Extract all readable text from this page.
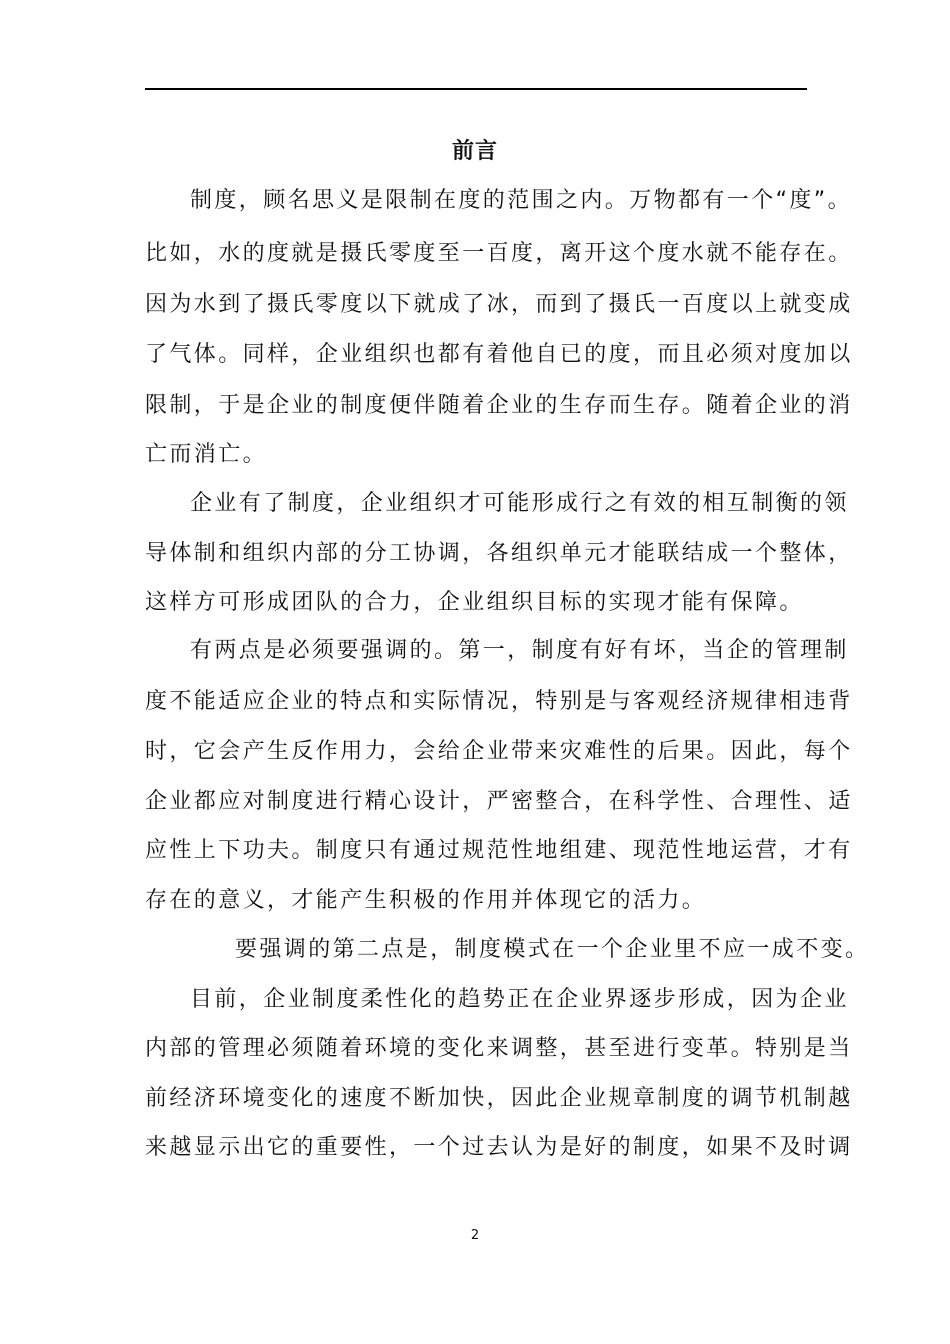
前言
制度，顾名思义是限制在度的范围之内。万物都有一个“度”。
比如，水的度就是摄氏零度至一百度，离开这个度水就不能存在。
因为水到了摄氏零度以下就成了冰，而到了摄氏一百度以上就变成
了气体。同样，企业组织也都有着他自已的度，而且必须对度加以
限制，于是企业的制度便伴随着企业的生存而生存。随着企业的消
亡而消亡。
企业有了制度，企业组织才可能形成行之有效的相互制衡的领
导体制和组织内部的分工协调，各组织单元才能联结成一个整体，
这样方可形成团队的合力，企业组织目标的实现才能有保障。
有两点是必须要强调的。第一，制度有好有坏，当企的管理制
度不能适应企业的特点和实际情况，特别是与客观经济规律相违背
时，它会产生反作用力，会给企业带来灾难性的后果。因此，每个
企业都应对制度进行精心设计，严密整合，在科学性、合理性、适
应性上下功夫。制度只有通过规范性地组建、现范性地运营，才有
存在的意义，才能产生积极的作用并体现它的活力。
要强调的第二点是，制度模式在一个企业里不应一成不变。
目前，企业制度柔性化的趋势正在企业界逐步形成，因为企业
内部的管理必须随着环境的变化来调整，甚至进行变革。特别是当
前经济环境变化的速度不断加快，因此企业规章制度的调节机制越
来越显示出它的重要性，一个过去认为是好的制度，如果不及时调
2
